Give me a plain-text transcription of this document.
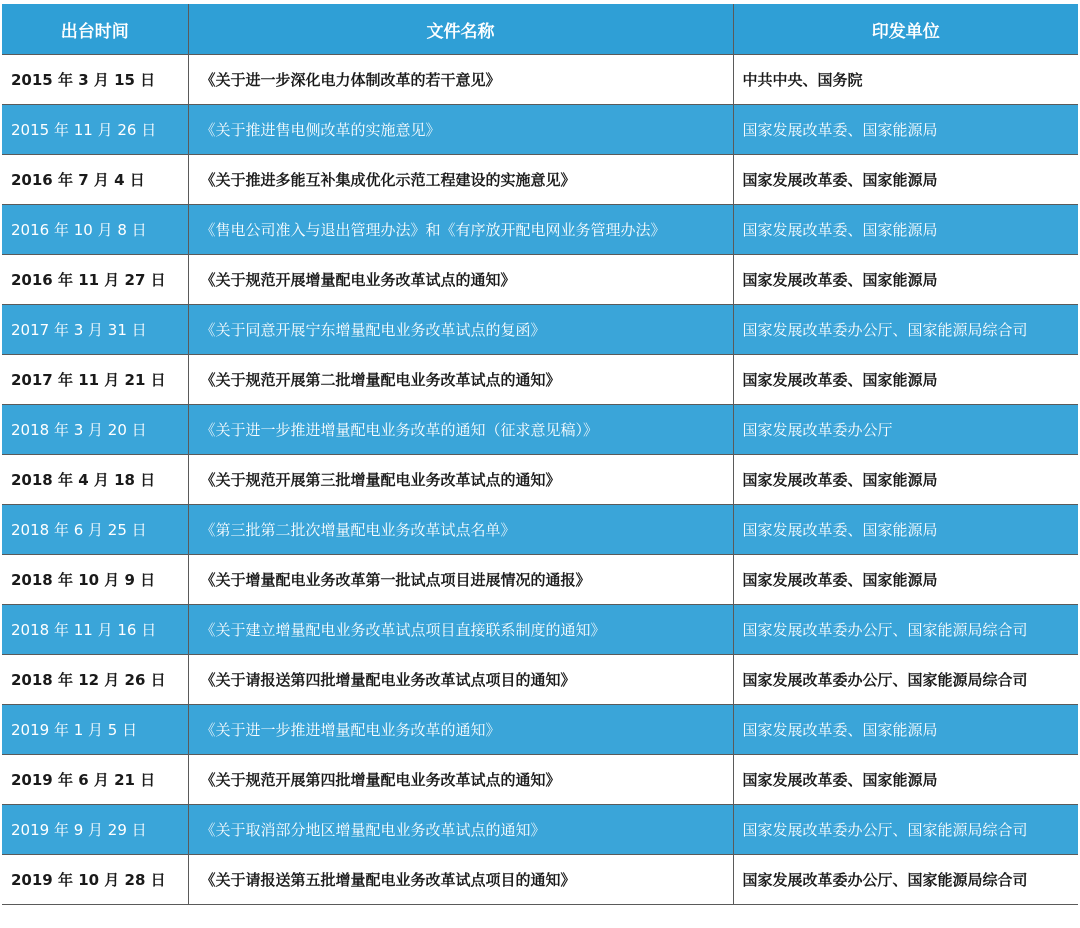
出台时间	文件名称	印发单位
2015 年 3 月 15 日	《关于进一步深化电力体制改革的若干意见》	中共中央、国务院
2015 年 11 月 26 日	《关于推进售电侧改革的实施意见》	国家发展改革委、国家能源局
2016 年 7 月 4 日	《关于推进多能互补集成优化示范工程建设的实施意见》	国家发展改革委、国家能源局
2016 年 10 月 8 日	《售电公司准入与退出管理办法》和《有序放开配电网业务管理办法》	国家发展改革委、国家能源局
2016 年 11 月 27 日	《关于规范开展增量配电业务改革试点的通知》	国家发展改革委、国家能源局
2017 年 3 月 31 日	《关于同意开展宁东增量配电业务改革试点的复函》	国家发展改革委办公厅、国家能源局综合司
2017 年 11 月 21 日	《关于规范开展第二批增量配电业务改革试点的通知》	国家发展改革委、国家能源局
2018 年 3 月 20 日	《关于进一步推进增量配电业务改革的通知（征求意见稿）》	国家发展改革委办公厅
2018 年 4 月 18 日	《关于规范开展第三批增量配电业务改革试点的通知》	国家发展改革委、国家能源局
2018 年 6 月 25 日	《第三批第二批次增量配电业务改革试点名单》	国家发展改革委、国家能源局
2018 年 10 月 9 日	《关于增量配电业务改革第一批试点项目进展情况的通报》	国家发展改革委、国家能源局
2018 年 11 月 16 日	《关于建立增量配电业务改革试点项目直接联系制度的通知》	国家发展改革委办公厅、国家能源局综合司
2018 年 12 月 26 日	《关于请报送第四批增量配电业务改革试点项目的通知》	国家发展改革委办公厅、国家能源局综合司
2019 年 1 月 5 日	《关于进一步推进增量配电业务改革的通知》	国家发展改革委、国家能源局
2019 年 6 月 21 日	《关于规范开展第四批增量配电业务改革试点的通知》	国家发展改革委、国家能源局
2019 年 9 月 29 日	《关于取消部分地区增量配电业务改革试点的通知》	国家发展改革委办公厅、国家能源局综合司
2019 年 10 月 28 日	《关于请报送第五批增量配电业务改革试点项目的通知》	国家发展改革委办公厅、国家能源局综合司
